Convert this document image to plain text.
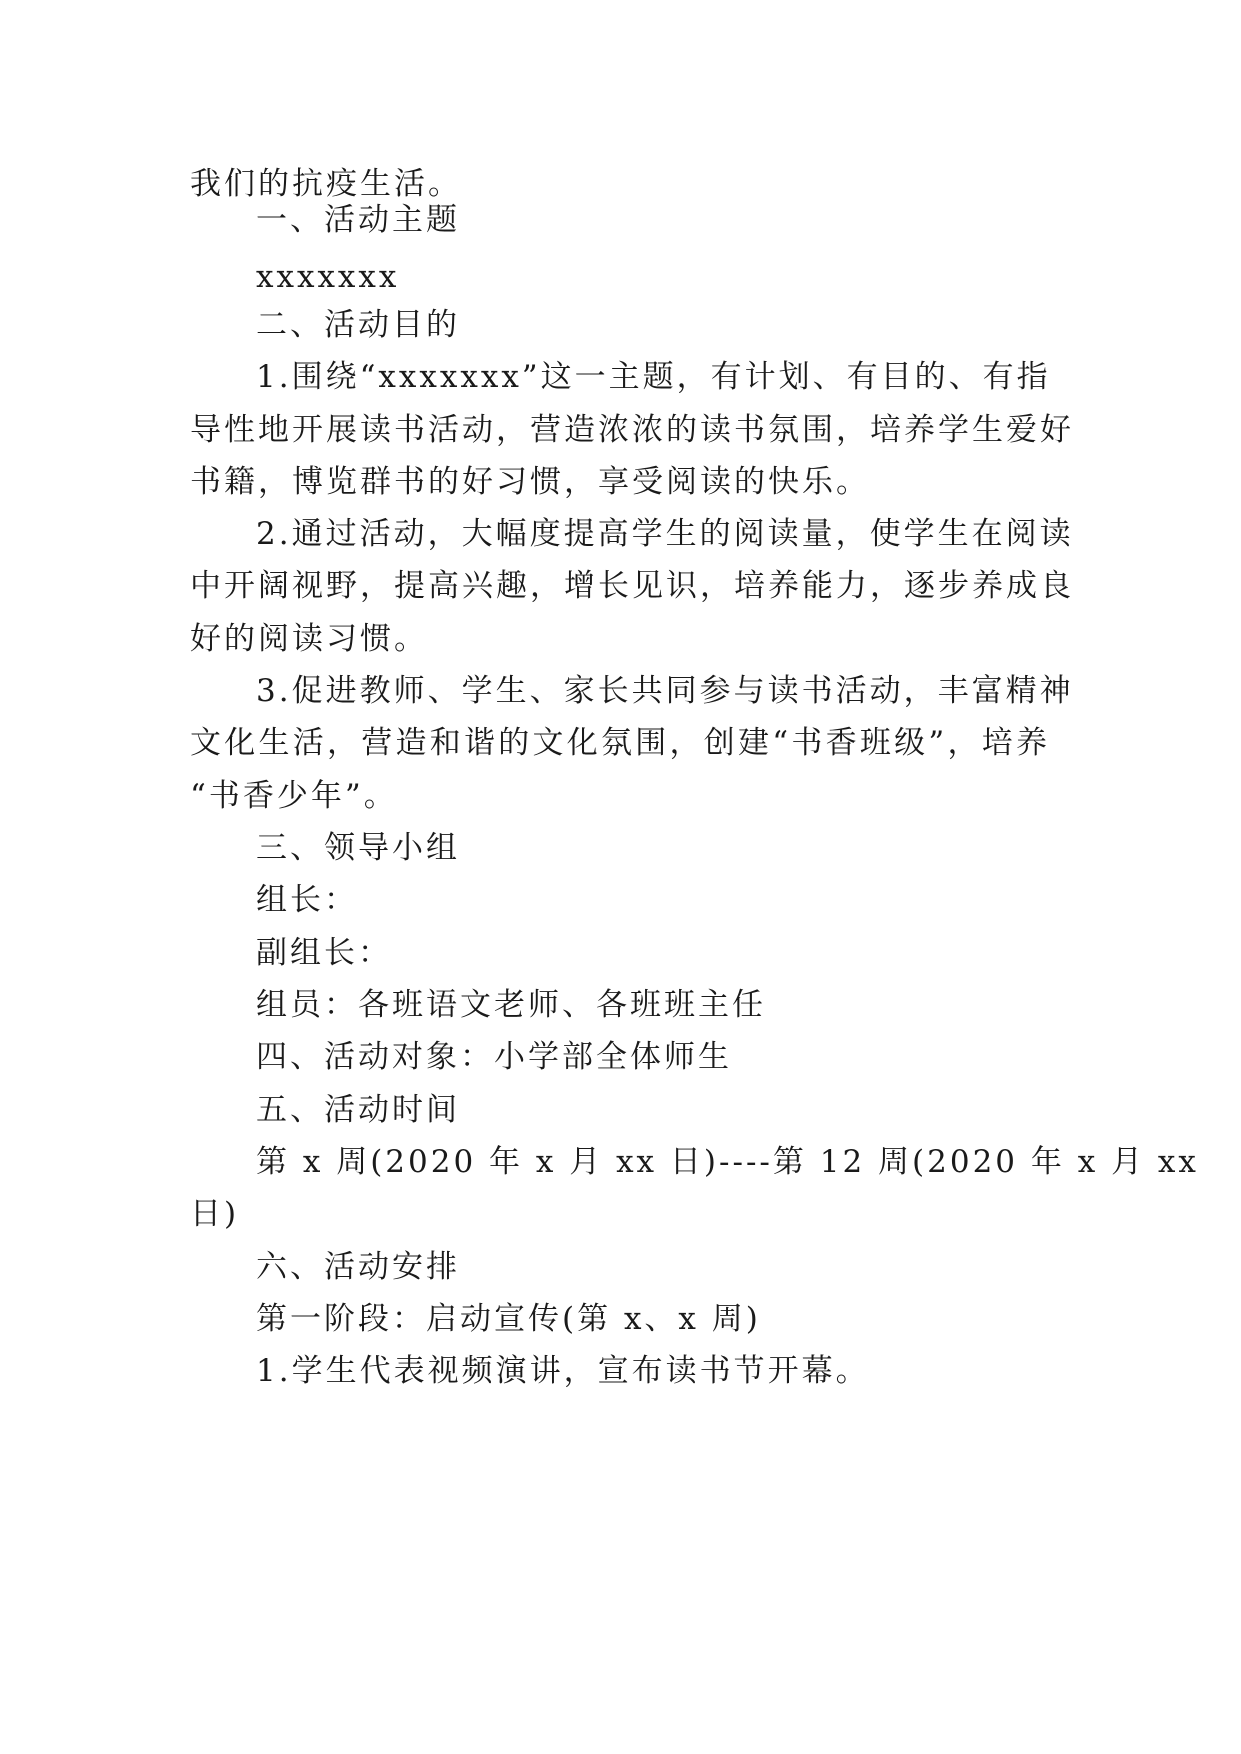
我们的抗疫生活。
一、活动主题
xxxxxxx
二、活动目的
1.围绕“xxxxxxx”这一主题，有计划、有目的、有指
导性地开展读书活动，营造浓浓的读书氛围，培养学生爱好
书籍，博览群书的好习惯，享受阅读的快乐。
2.通过活动，大幅度提高学生的阅读量，使学生在阅读
中开阔视野，提高兴趣，增长见识，培养能力，逐步养成良
好的阅读习惯。
3.促进教师、学生、家长共同参与读书活动，丰富精神
文化生活，营造和谐的文化氛围，创建“书香班级”，培养
“书香少年”。
三、领导小组
组长：
副组长：
组员：各班语文老师、各班班主任
四、活动对象：小学部全体师生
五、活动时间
第 x 周(2020 年 x 月 xx 日)----第 12 周(2020 年 x 月 xx
日)
六、活动安排
第一阶段：启动宣传(第 x、x 周)
1.学生代表视频演讲，宣布读书节开幕。
